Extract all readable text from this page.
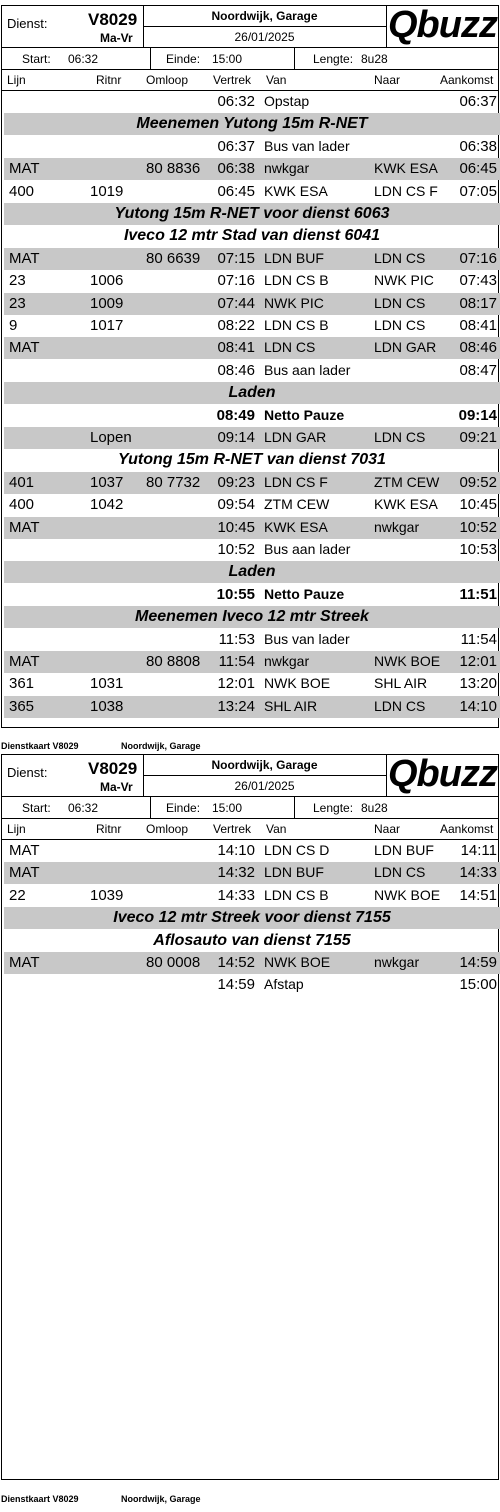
Dienst: V8029
Ma-Vr
Noordwijk, Garage
26/01/2025	Qbuzz
Start: 06:32	Einde: 15:00	Lengte: 8u28
Lijn	Ritnr Omloop Vertrek Van	Naar	Aankomst
06:32 Opstap	06:37
Meenemen Yutong 15m R-NET
06:37 Bus van lader	06:38
MAT	80 8836 06:38 nwkgar	KWK ESA 06:45
400	1019	06:45 KWK ESA	LDN CS F 07:05
Yutong 15m R-NET voor dienst 6063
Iveco 12 mtr Stad van dienst 6041
MAT	80 6639 07:15 LDN BUF	LDN CS 07:16
23	1006	07:16 LDN CS B	NWK PIC 07:43
23	1009	07:44 NWK PIC	LDN CS 08:17
9	1017	08:22 LDN CS B	LDN CS 08:41
MAT	08:41 LDN CS	LDN GAR 08:46
08:46 Bus aan lader	08:47
Laden
08:49 Netto Pauze	09:14
Lopen	09:14 LDN GAR	LDN CS 09:21
Yutong 15m R-NET van dienst 7031
401	1037 80 7732 09:23 LDN CS F	ZTM CEW 09:52
400	1042	09:54 ZTM CEW	KWK ESA 10:45
MAT	10:45 KWK ESA	nwkgar	10:52
10:52 Bus aan lader	10:53
Laden
10:55 Netto Pauze	11:51
Meenemen Iveco 12 mtr Streek
11:53 Bus van lader	11:54
MAT	80 8808 11:54 nwkgar	NWK BOE 12:01
361	1031	12:01 NWK BOE	SHL AIR 13:20
365	1038	13:24 SHL AIR	LDN CS 14:10
Dienstkaart V8029	Noordwijk, Garage
Dienst: V8029
Ma-Vr
Noordwijk, Garage
26/01/2025	Qbuzz
Start: 06:32	Einde: 15:00	Lengte: 8u28
Lijn	Ritnr Omloop Vertrek Van	Naar	Aankomst
MAT	14:10 LDN CS D	LDN BUF 14:11
MAT	14:32 LDN BUF	LDN CS 14:33
22	1039	14:33 LDN CS B	NWK BOE 14:51
Iveco 12 mtr Streek voor dienst 7155
Aflosauto van dienst 7155
MAT	80 0008 14:52 NWK BOE	nwkgar	14:59
14:59 Afstap	15:00
Dienstkaart V8029	Noordwijk, Garage
